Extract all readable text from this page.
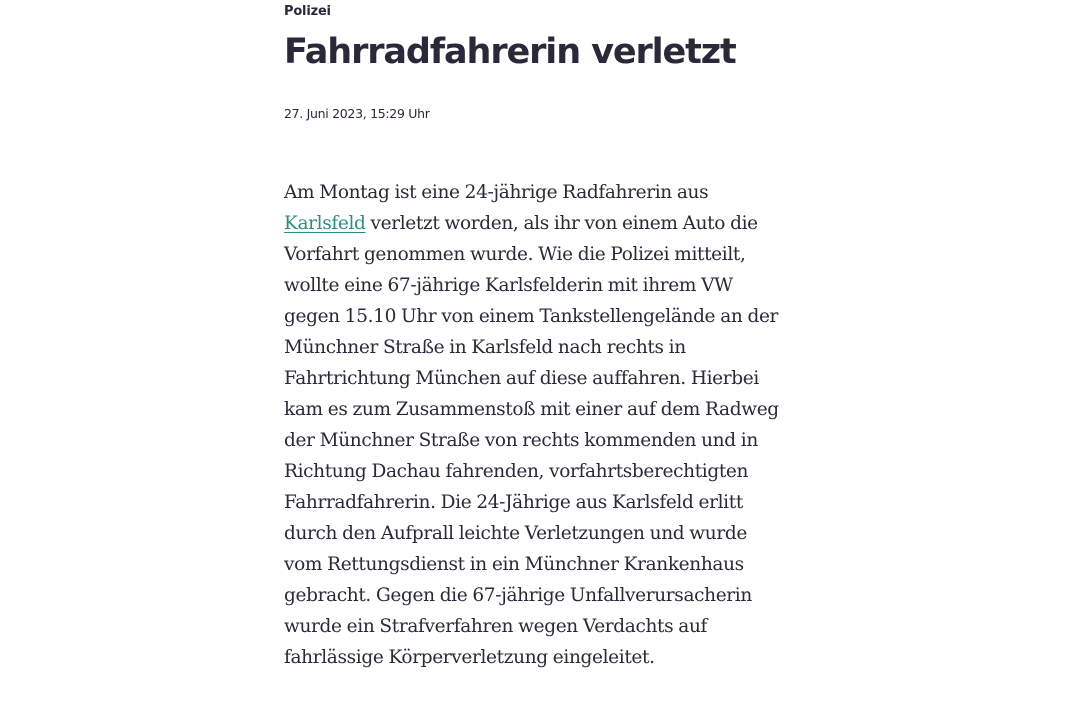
Polizei
Fahrradfahrerin verletzt
27. Juni 2023, 15:29 Uhr

Am Montag ist eine 24-jährige Radfahrerin aus Karlsfeld verletzt worden, als ihr von einem Auto die Vorfahrt genommen wurde. Wie die Polizei mitteilt, wollte eine 67-jährige Karlsfelderin mit ihrem VW gegen 15.10 Uhr von einem Tankstellengelände an der Münchner Straße in Karlsfeld nach rechts in Fahrtrichtung München auf diese auffahren. Hierbei kam es zum Zusammenstoß mit einer auf dem Radweg der Münchner Straße von rechts kommenden und in Richtung Dachau fahrenden, vorfahrtsberechtigten Fahrradfahrerin. Die 24-Jährige aus Karlsfeld erlitt durch den Aufprall leichte Verletzungen und wurde vom Rettungsdienst in ein Münchner Krankenhaus gebracht. Gegen die 67-jährige Unfallverursacherin wurde ein Strafverfahren wegen Verdachts auf fahrlässige Körperverletzung eingeleitet.
